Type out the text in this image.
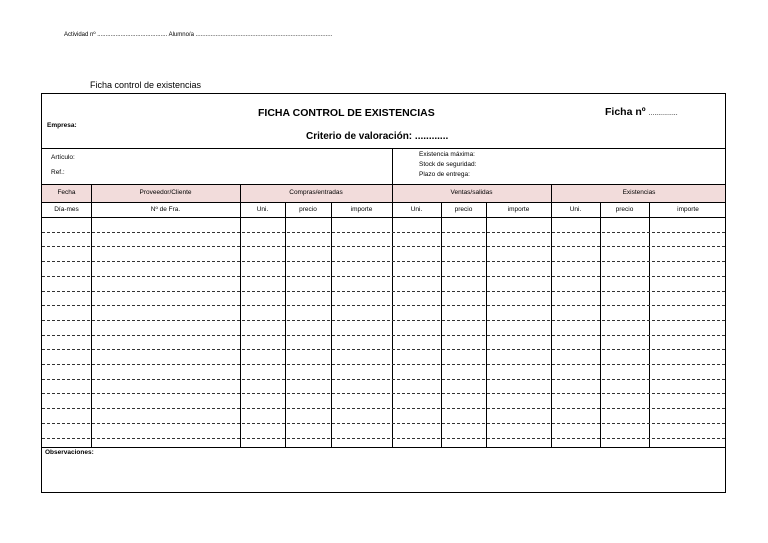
Actividad nº .......................................... Alumno/a ..................................................................................
Ficha control de existencias
Empresa:
FICHA CONTROL DE EXISTENCIAS	Ficha nº ...............
Criterio de valoración: ............
Artículo:
Ref.:
Existencia máxima:
Stock de seguridad:
Plazo de entrega:
Fecha	Proveedor/Cliente	Compras/entradas	Ventas/salidas	Existencias
Día-mes	Nº de Fra.	Uni.	precio	importe	Uni.	precio	importe	Uni.	precio	importe
Observaciones:
